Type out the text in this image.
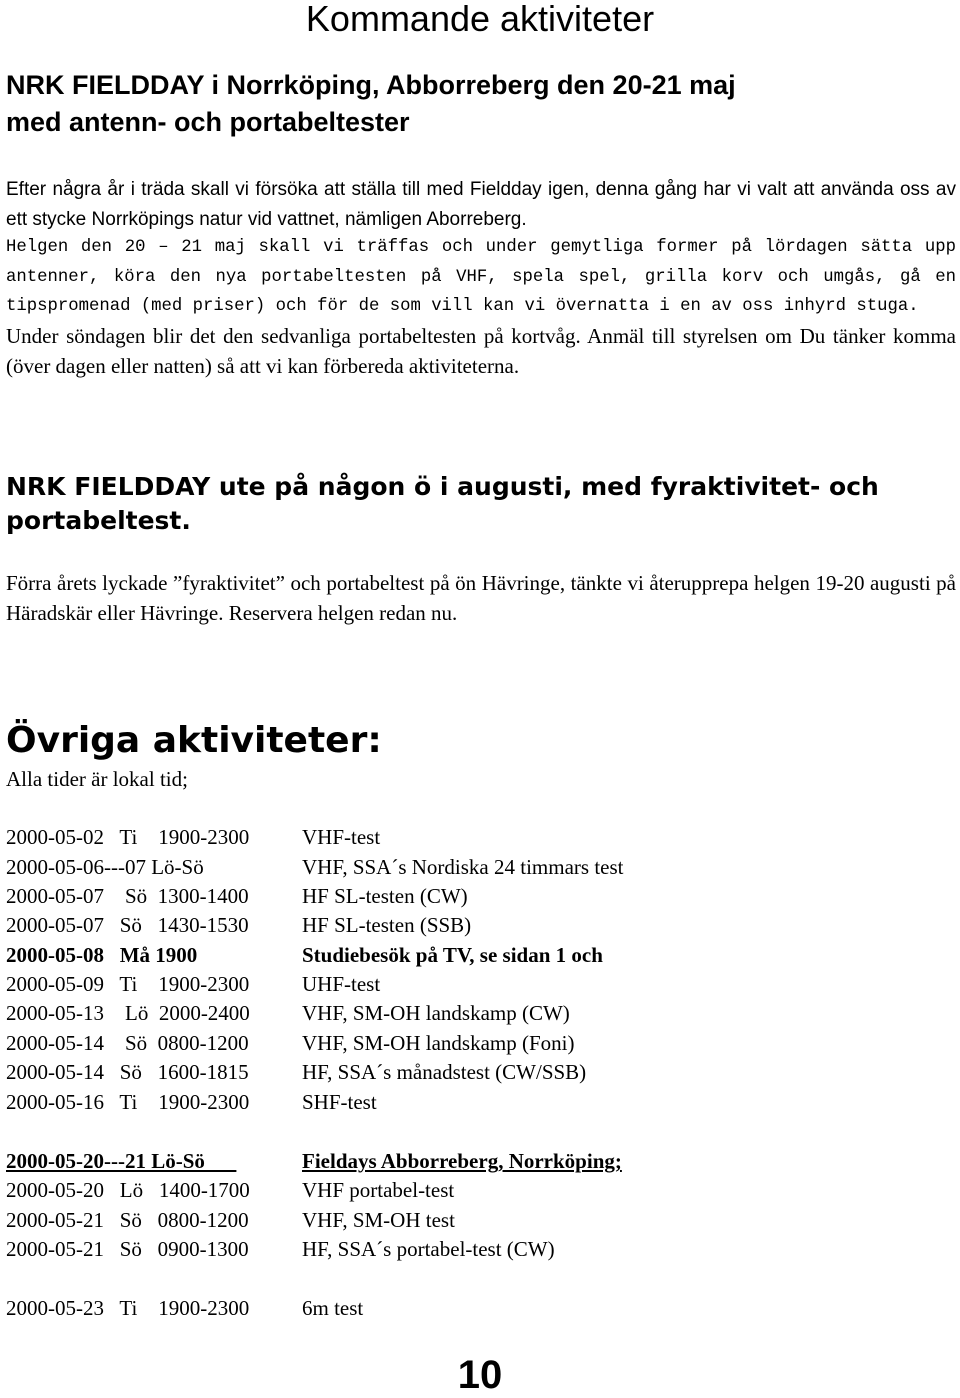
Kommande aktiviteter
NRK FIELDDAY i Norrköping, Abborreberg den 20-21 maj
med antenn- och portabeltester

Efter några år i träda skall vi försöka att ställa till med Fieldday igen, denna gång har vi valt att använda oss av ett stycke Norrköpings natur vid vattnet, nämligen Aborreberg.

Helgen den 20 – 21 maj skall vi träffas och under gemytliga former på lördagen sätta upp antenner, köra den nya portabeltesten på VHF, spela spel, grilla korv och umgås, gå en tipspromenad (med priser) och för de som vill kan vi övernatta i en av oss inhyrd stuga.

Under söndagen blir det den sedvanliga portabeltesten på kortvåg. Anmäl till styrelsen om Du tänker komma (över dagen eller natten) så att vi kan förbereda aktiviteterna.

NRK FIELDDAY ute på någon ö i augusti, med fyraktivitet- och
portabeltest.

Förra årets lyckade ”fyraktivitet” och portabeltest på ön Hävringe, tänkte vi återupprepa helgen 19-20 augusti på Häradskär eller Hävringe. Reservera helgen redan nu.

Övriga aktiviteter:
Alla tider är lokal tid;
2000-05-02   Ti    1900-2300	VHF-test
2000-05-06---07 Lö-Sö	VHF, SSA´s Nordiska 24 timmars test
2000-05-07    Sö  1300-1400	HF SL-testen (CW)
2000-05-07   Sö   1430-1530	HF SL-testen (SSB)
2000-05-08   Må 1900	Studiebesök på TV, se sidan 1 och
2000-05-09   Ti    1900-2300	UHF-test
2000-05-13    Lö  2000-2400 VHF, SM-OH landskamp (CW)
2000-05-14    Sö  0800-1200	VHF, SM-OH landskamp (Foni)
2000-05-14   Sö   1600-1815	HF, SSA´s månadstest (CW/SSB)
2000-05-16   Ti    1900-2300	SHF-test
2000-05-20---21 Lö-Sö	Fieldays Abborreberg, Norrköping;
2000-05-20   Lö   1400-1700 VHF portabel-test
2000-05-21   Sö   0800-1200	VHF, SM-OH test
2000-05-21   Sö   0900-1300	HF, SSA´s portabel-test (CW)
2000-05-23   Ti    1900-2300	6m test
10
